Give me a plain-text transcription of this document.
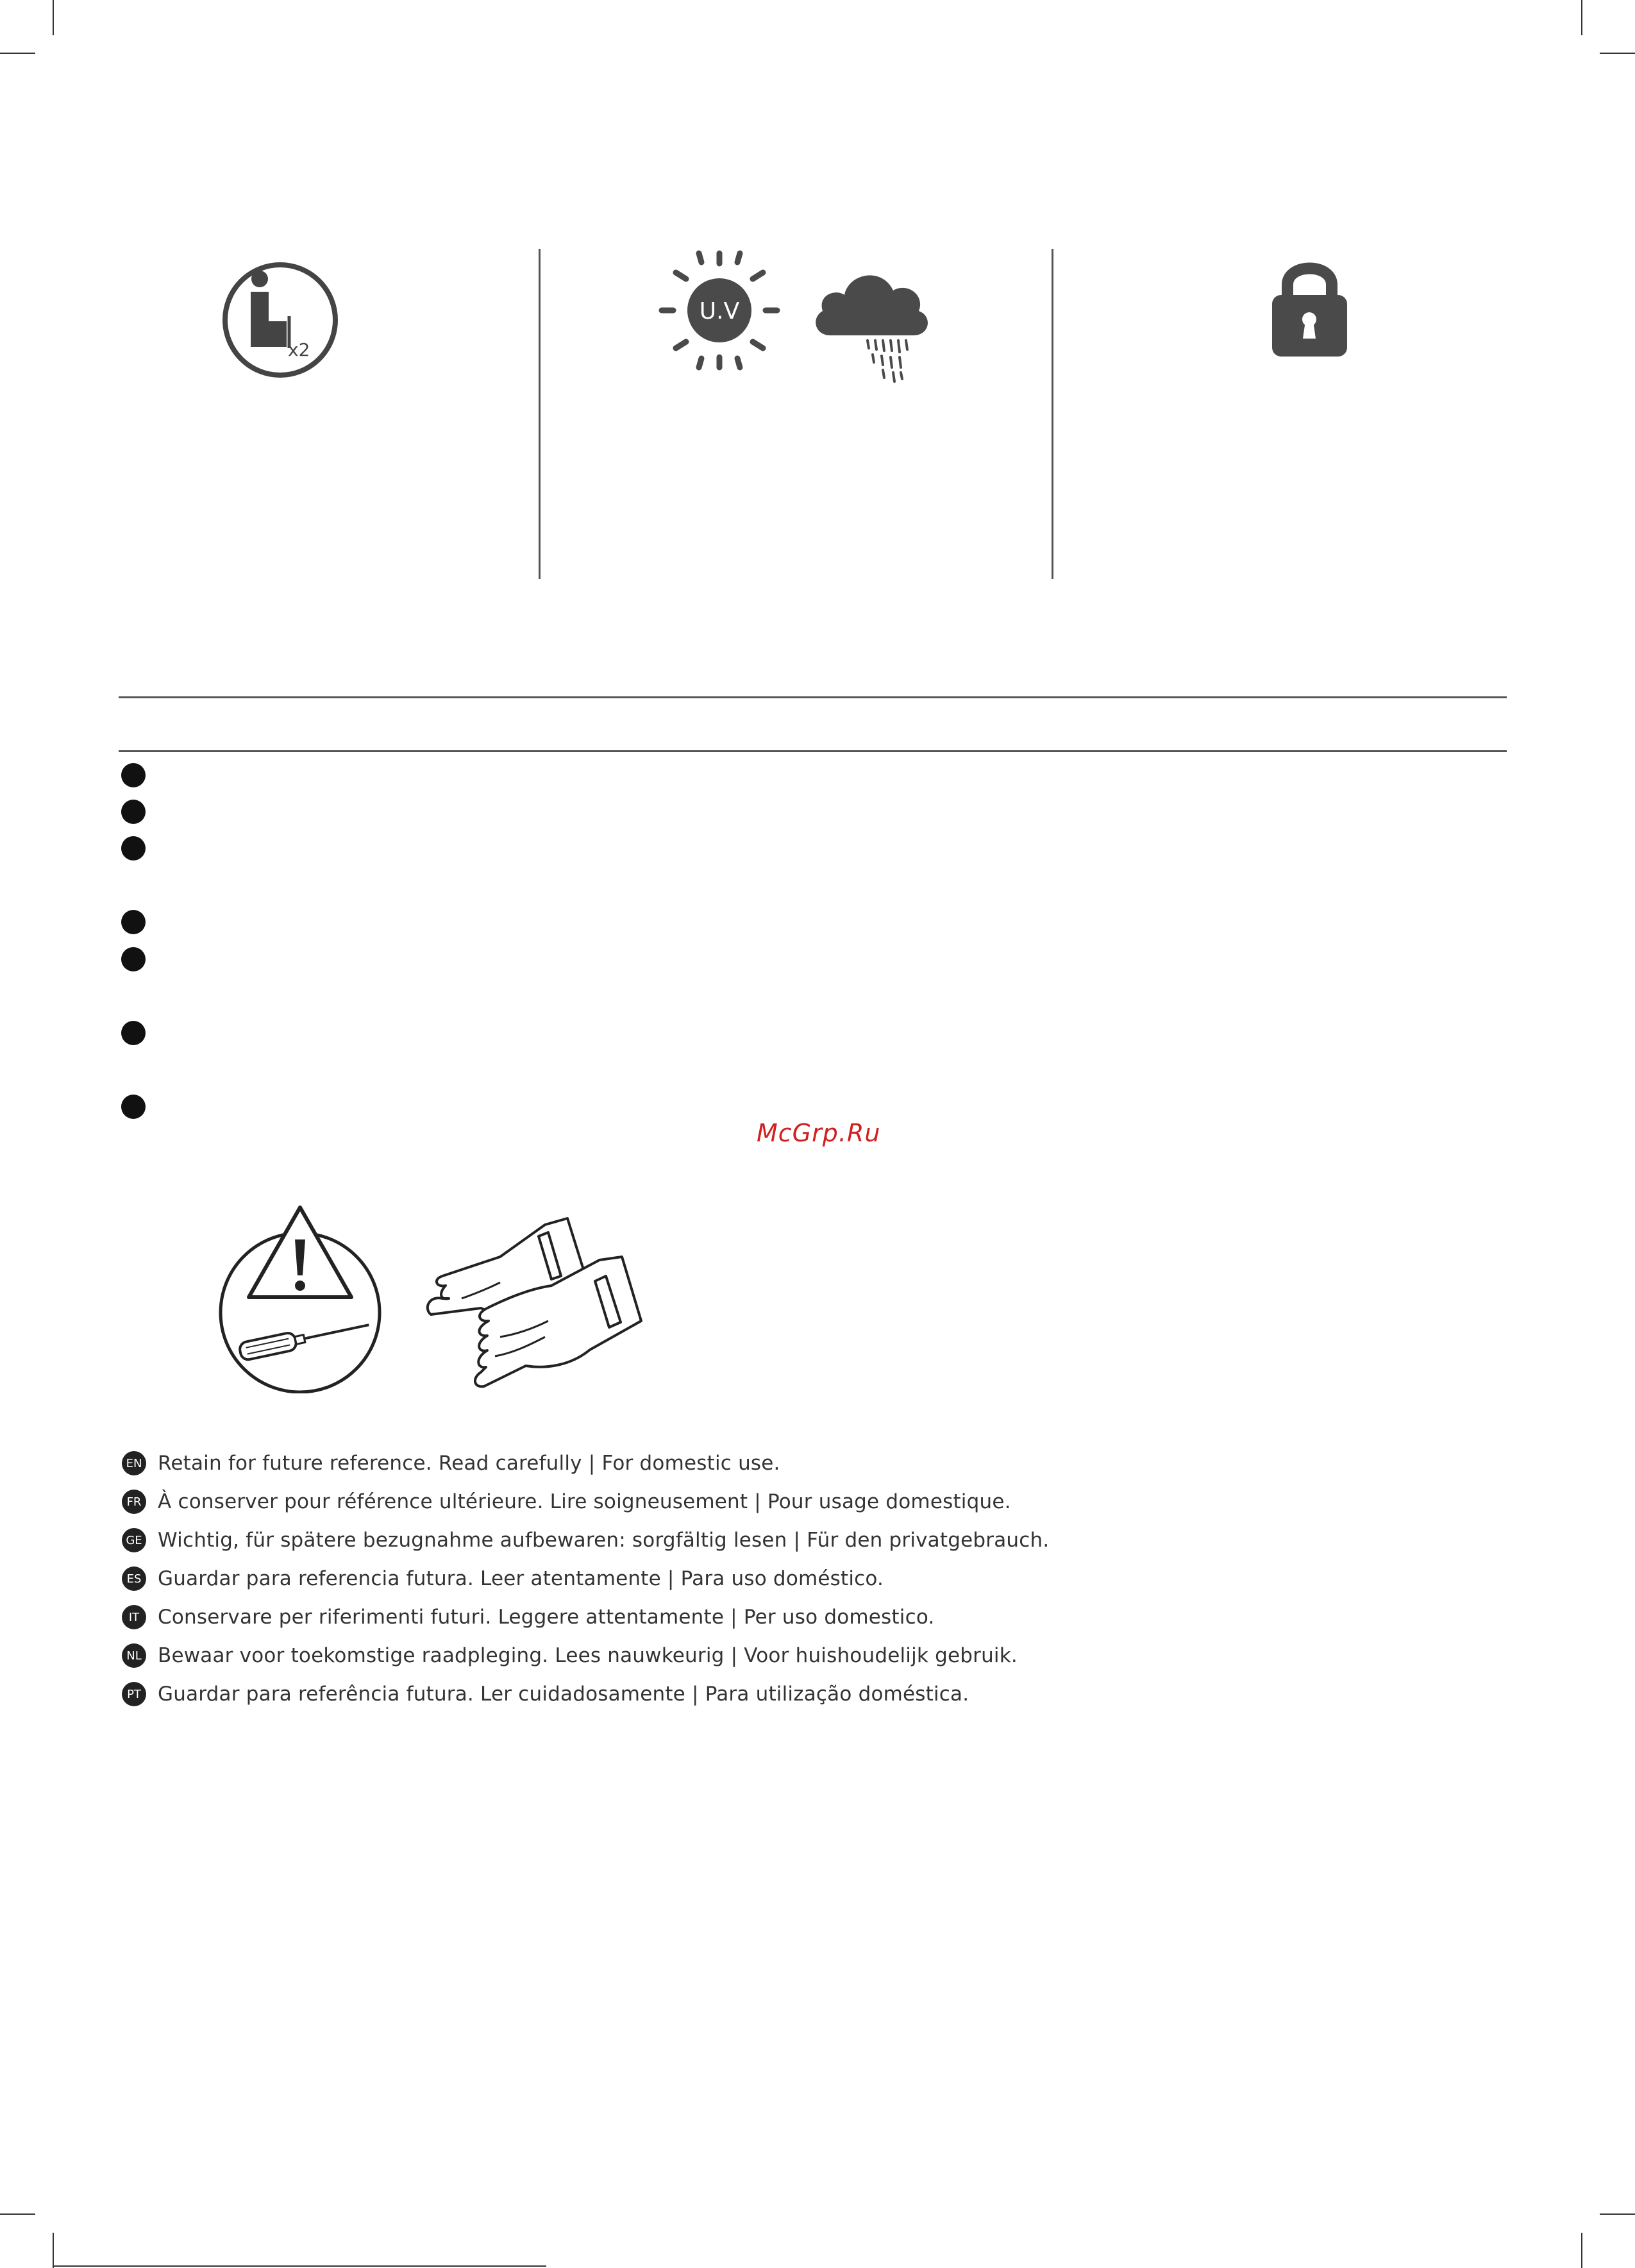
x2
U.V
McGrp.Ru
EN Retain for future reference. Read carefully | For domestic use.
FR À conserver pour référence ultérieure. Lire soigneusement | Pour usage domestique.
GE Wichtig, für spätere bezugnahme aufbewaren: sorgfältig lesen | Für den privatgebrauch.
ES Guardar para referencia futura. Leer atentamente | Para uso doméstico.
IT Conservare per riferimenti futuri. Leggere attentamente | Per uso domestico.
NL Bewaar voor toekomstige raadpleging. Lees nauwkeurig | Voor huishoudelijk gebruik.
PT Guardar para referência futura. Ler cuidadosamente | Para utilização doméstica.
